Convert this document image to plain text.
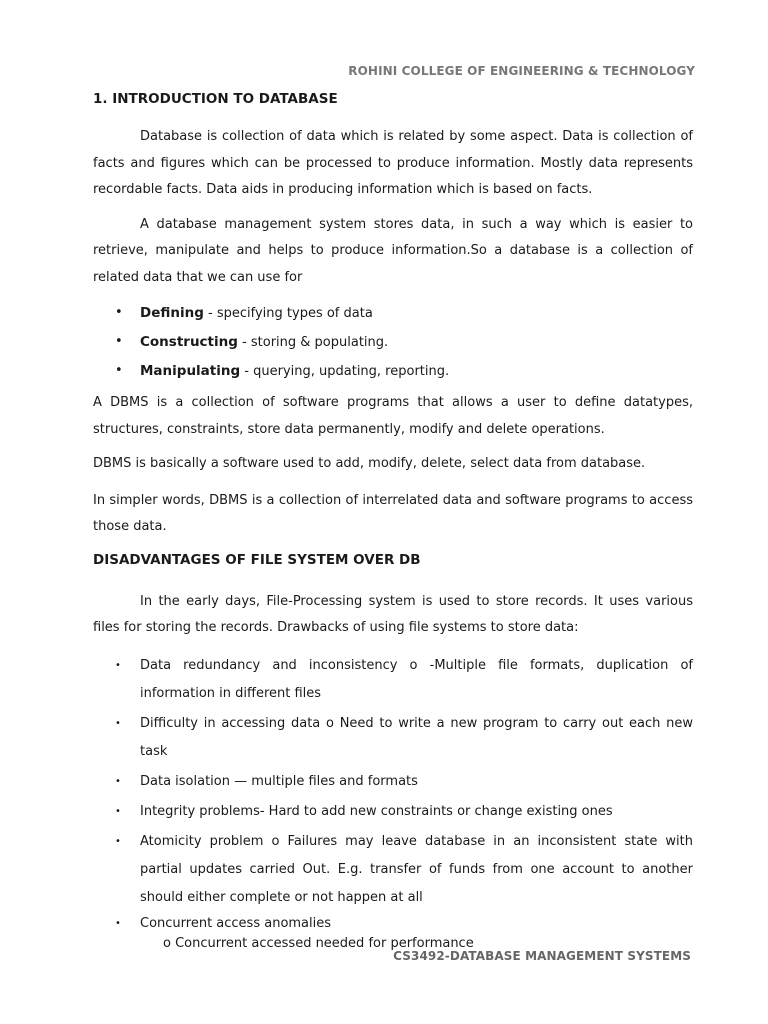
ROHINI COLLEGE OF ENGINEERING & TECHNOLOGY
1. INTRODUCTION TO DATABASE

Database is collection of data which is related by some aspect. Data is collection of facts and figures which can be processed to produce information. Mostly data represents recordable facts. Data aids in producing information which is based on facts.

A database management system stores data, in such a way which is easier to retrieve, manipulate and helps to produce information.So a database is a collection of related data that we can use for

• Defining - specifying types of data
• Constructing - storing & populating.
• Manipulating - querying, updating, reporting.

A DBMS is a collection of software programs that allows a user to define datatypes, structures, constraints, store data permanently, modify and delete operations.

DBMS is basically a software used to add, modify, delete, select data from database.

In simpler words, DBMS is a collection of interrelated data and software programs to access those data.

DISADVANTAGES OF FILE SYSTEM OVER DB

In the early days, File-Processing system is used to store records. It uses various files for storing the records. Drawbacks of using file systems to store data:

• Data redundancy and inconsistency o -Multiple file formats, duplication of information in different files
• Difficulty in accessing data o Need to write a new program to carry out each new task
• Data isolation — multiple files and formats
• Integrity problems- Hard to add new constraints or change existing ones
• Atomicity problem o Failures may leave database in an inconsistent state with partial updates carried Out. E.g. transfer of funds from one account to another should either complete or not happen at all
• Concurrent access anomalies
o Concurrent accessed needed for performance
CS3492-DATABASE MANAGEMENT SYSTEMS
